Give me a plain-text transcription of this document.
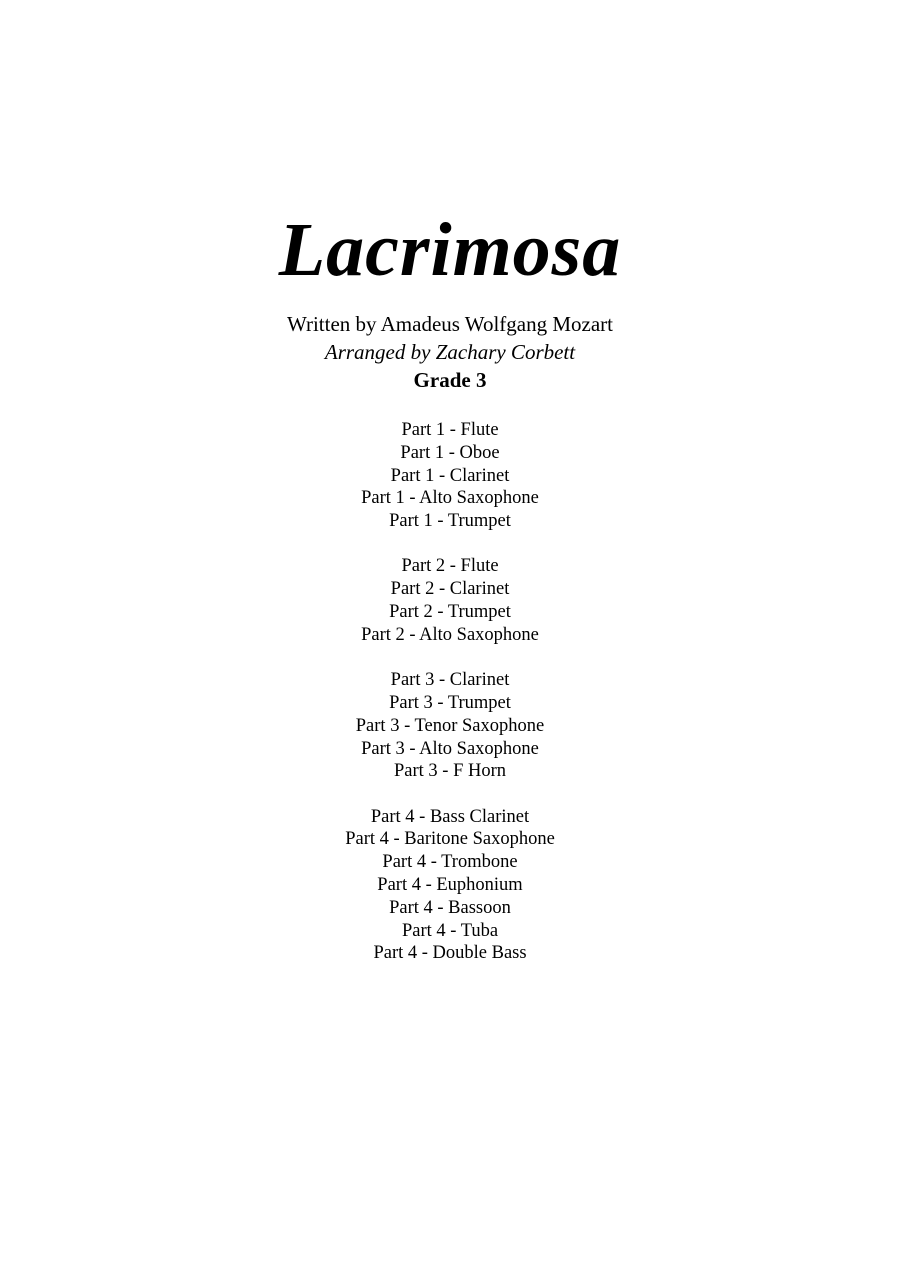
Lacrimosa
Written by Amadeus Wolfgang Mozart
Arranged by Zachary Corbett
Grade 3
Part 1 - Flute
Part 1 - Oboe
Part 1 - Clarinet
Part 1 - Alto Saxophone
Part 1 - Trumpet
Part 2 - Flute
Part 2 - Clarinet
Part 2 - Trumpet
Part 2 - Alto Saxophone
Part 3 - Clarinet
Part 3 - Trumpet
Part 3 - Tenor Saxophone
Part 3 - Alto Saxophone
Part 3 - F Horn
Part 4 - Bass Clarinet
Part 4 - Baritone Saxophone
Part 4 - Trombone
Part 4 - Euphonium
Part 4 - Bassoon
Part 4 - Tuba
Part 4 - Double Bass
